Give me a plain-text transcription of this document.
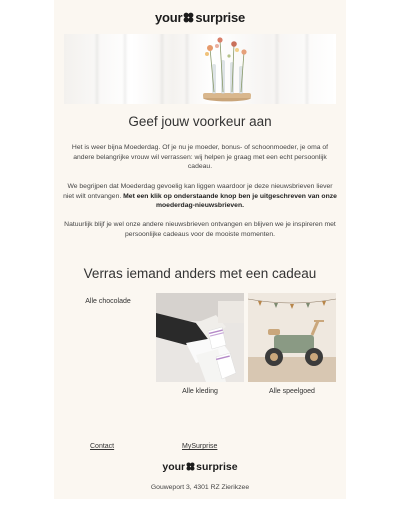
your surprise
Geef jouw voorkeur aan
Het is weer bijna Moederdag. Of je nu je moeder, bonus- of schoonmoeder, je oma of andere belangrijke vrouw wil verrassen: wij helpen je graag met een echt persoonlijk cadeau.
We begrijpen dat Moederdag gevoelig kan liggen waardoor je deze nieuwsbrieven liever niet wilt ontvangen. Met een klik op onderstaande knop ben je uitgeschreven van onze moederdag-nieuwsbrieven.
Natuurlijk blijf je wel onze andere nieuwsbrieven ontvangen en blijven we je inspireren met persoonlijke cadeaus voor de mooiste momenten.
Verras iemand anders met een cadeau
Alle chocolade
Alle kleding	Alle speelgoed
Contact	MySurprise
your surprise
Gouweport 3, 4301 RZ Zierikzee
